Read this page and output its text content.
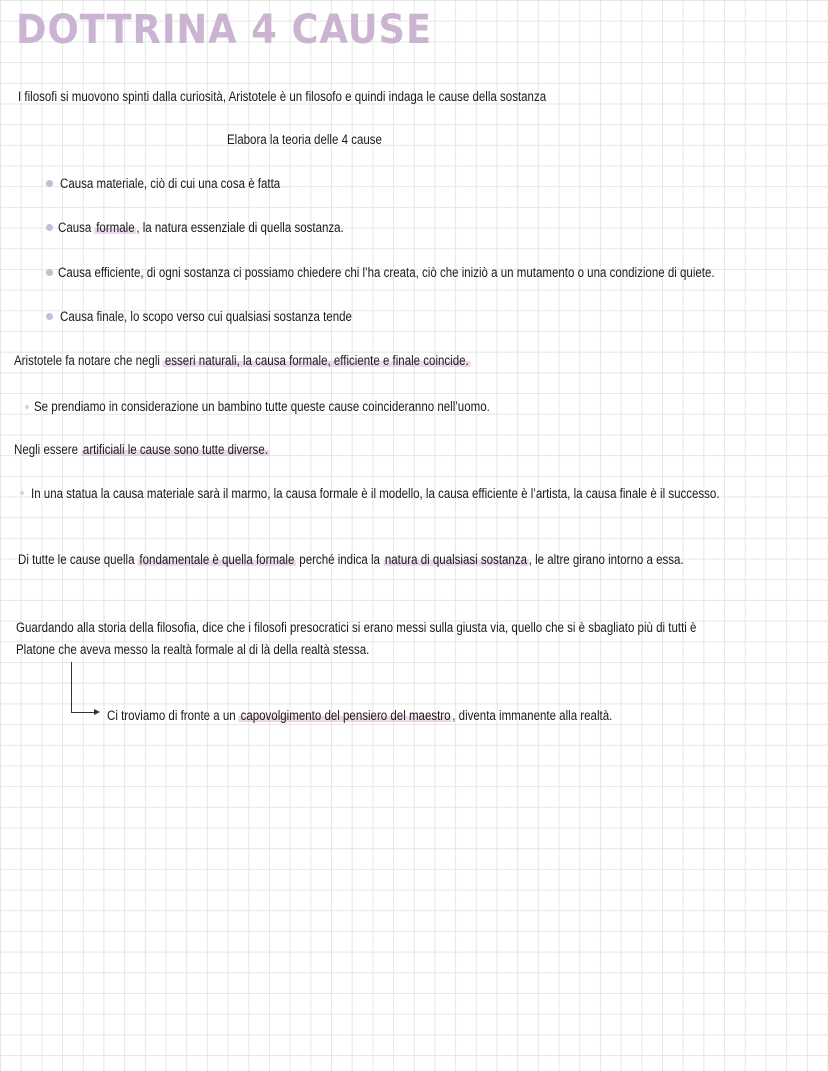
DOTTRINA 4 CAUSE
I filosofi si muovono spinti dalla curiosità, Aristotele è un filosofo e quindi indaga le cause della sostanza
Elabora la teoria delle 4 cause
Causa materiale, ciò di cui una cosa è fatta
Causa formale , la natura essenziale di quella sostanza.
Causa efficiente, di ogni sostanza ci possiamo chiedere chi l’ha creata, ciò che iniziò a un mutamento o una condizione di quiete.
Causa finale, lo scopo verso cui qualsiasi sostanza tende
Aristotele fa notare che negli esseri naturali, la causa formale, efficiente e finale coincide.
Se prendiamo in considerazione un bambino tutte queste cause coincideranno nell’uomo.
Negli essere artificiali le cause sono tutte diverse.
In una statua la causa materiale sarà il marmo, la causa formale è il modello, la causa efficiente è l’artista, la causa finale è il successo.
Di tutte le cause quella fondamentale è quella formale perché indica la natura di qualsiasi sostanza , le altre girano intorno a essa.
Guardando alla storia della filosofia, dice che i filosofi presocratici si erano messi sulla giusta via, quello che si è sbagliato più di tutti è
Platone che aveva messo la realtà formale al di là della realtà stessa.
Ci troviamo di fronte a un capovolgimento del pensiero del maestro , diventa immanente alla realtà.
